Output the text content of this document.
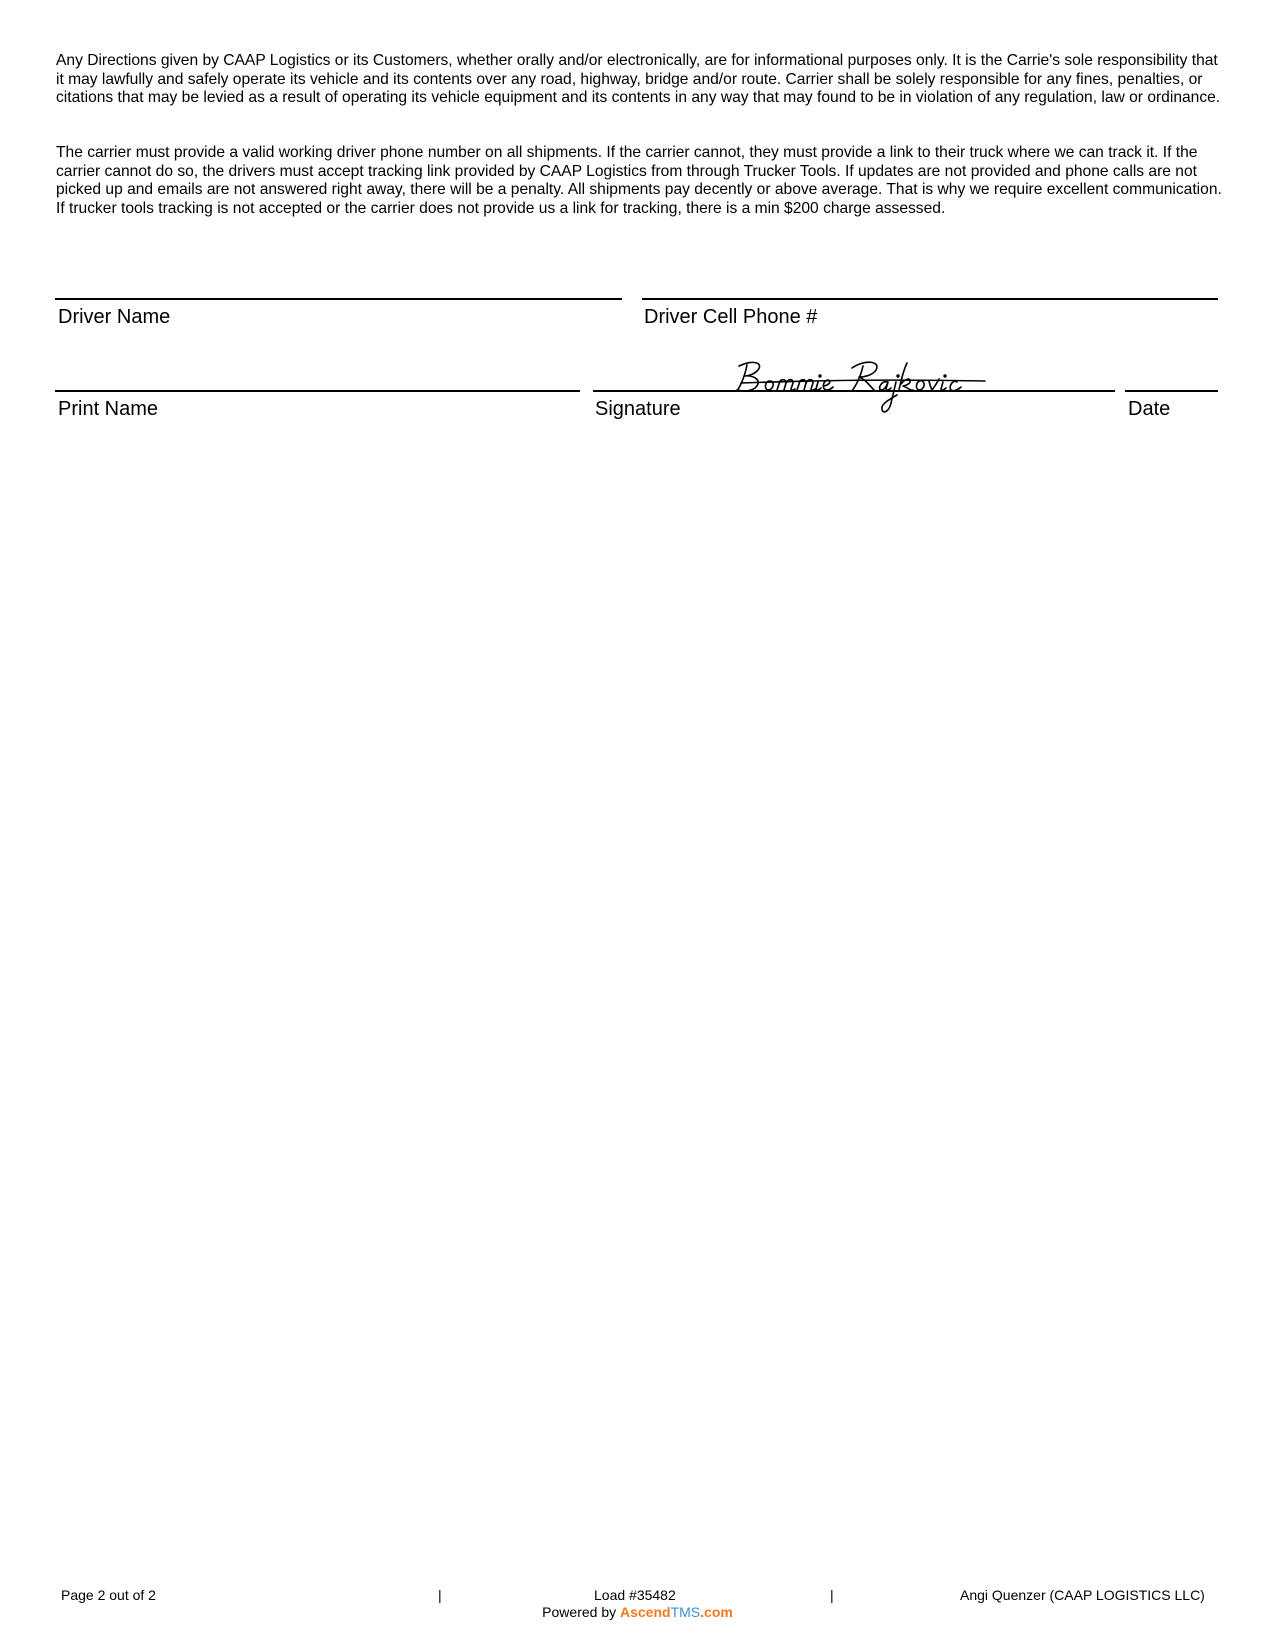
Any Directions given by CAAP Logistics or its Customers, whether orally and/or electronically, are for informational purposes only. It is the Carrie's sole responsibility that it may lawfully and safely operate its vehicle and its contents over any road, highway, bridge and/or route. Carrier shall be solely responsible for any fines, penalties, or citations that may be levied as a result of operating its vehicle equipment and its contents in any way that may found to be in violation of any regulation, law or ordinance.

The carrier must provide a valid working driver phone number on all shipments. If the carrier cannot, they must provide a link to their truck where we can track it. If the carrier cannot do so, the drivers must accept tracking link provided by CAAP Logistics from through Trucker Tools. If updates are not provided and phone calls are not picked up and emails are not answered right away, there will be a penalty. All shipments pay decently or above average. That is why we require excellent communication. If trucker tools tracking is not accepted or the carrier does not provide us a link for tracking, there is a min $200 charge assessed.

Driver Name	Driver Cell Phone #
Print Name	Signature	Date
Page 2 out of 2	|	Load #35482	|	Angi Quenzer (CAAP LOGISTICS LLC)
Powered by AscendTMS.com
